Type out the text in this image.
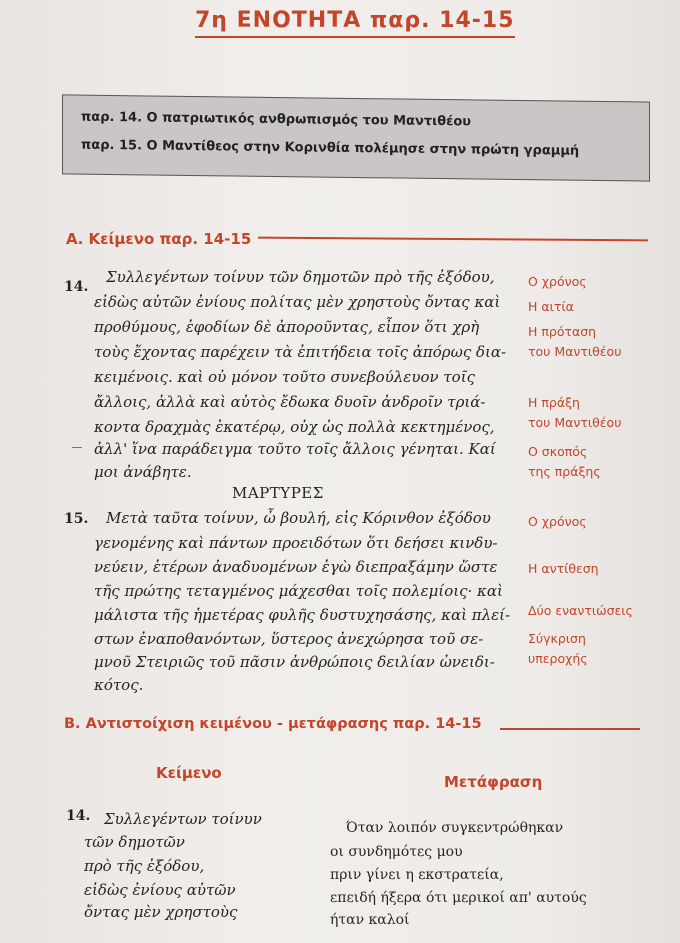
7η ΕΝΟΤΗΤΑ παρ. 14-15
παρ. 14. Ο πατριωτικός ανθρωπισμός του Μαντιθέου
παρ. 15. Ο Μαντίθεος στην Κορινθία πολέμησε στην πρώτη γραμμή
Α. Κείμενο παρ. 14-15
14.
Συλλεγέντων τοίνυν τῶν δημοτῶν πρὸ τῆς ἐξόδου,
εἰδὼς αὐτῶν ἐνίους πολίτας μὲν χρηστοὺς ὄντας καὶ
προθύμους, ἐφοδίων δὲ ἀποροῦντας, εἶπον ὅτι χρὴ
τοὺς ἔχοντας παρέχειν τὰ ἐπιτήδεια τοῖς ἀπόρως δια-
κειμένοις. καὶ οὐ μόνον τοῦτο συνεβούλευον τοῖς
ἄλλοις, ἀλλὰ καὶ αὐτὸς ἔδωκα δυοῖν ἀνδροῖν τριά-
κοντα δραχμὰς ἑκατέρῳ, οὐχ ὡς πολλὰ κεκτημένος,
ἀλλ' ἵνα παράδειγμα τοῦτο τοῖς ἄλλοις γένηται. Καί
μοι ἀνάβητε.
ΜΑΡΤΥΡΕΣ
15. Μετὰ ταῦτα τοίνυν, ὦ βουλή, εἰς Κόρινθον ἐξόδου
γενομένης καὶ πάντων προειδότων ὅτι δεήσει κινδυ-
νεύειν, ἑτέρων ἀναδυομένων ἐγὼ διεπραξάμην ὥστε
τῆς πρώτης τεταγμένος μάχεσθαι τοῖς πολεμίοις· καὶ
μάλιστα τῆς ἡμετέρας φυλῆς δυστυχησάσης, καὶ πλεί-
στων ἐναποθανόντων, ὕστερος ἀνεχώρησα τοῦ σε-
μνοῦ Στειριῶς τοῦ πᾶσιν ἀνθρώποις δειλίαν ὠνειδι-
κότος.
Ο χρόνος
Η αιτία
Η πρόταση
του Μαντιθέου
Η πράξη
του Μαντιθέου
Ο σκοπός
της πράξης
Ο χρόνος
Η αντίθεση
Δύο εναντιώσεις
Σύγκριση
υπεροχής
Β. Αντιστοίχιση κειμένου - μετάφρασης παρ. 14-15
Κείμενο	Μετάφραση
14. Συλλεγέντων τοίνυν
τῶν δημοτῶν
πρὸ τῆς ἐξόδου,
εἰδὼς ἐνίους αὐτῶν
ὄντας μὲν χρηστοὺς
Όταν λοιπόν συγκεντρώθηκαν
οι συνδημότες μου
πριν γίνει η εκστρατεία,
επειδή ήξερα ότι μερικοί απ' αυτούς
ήταν καλοί
